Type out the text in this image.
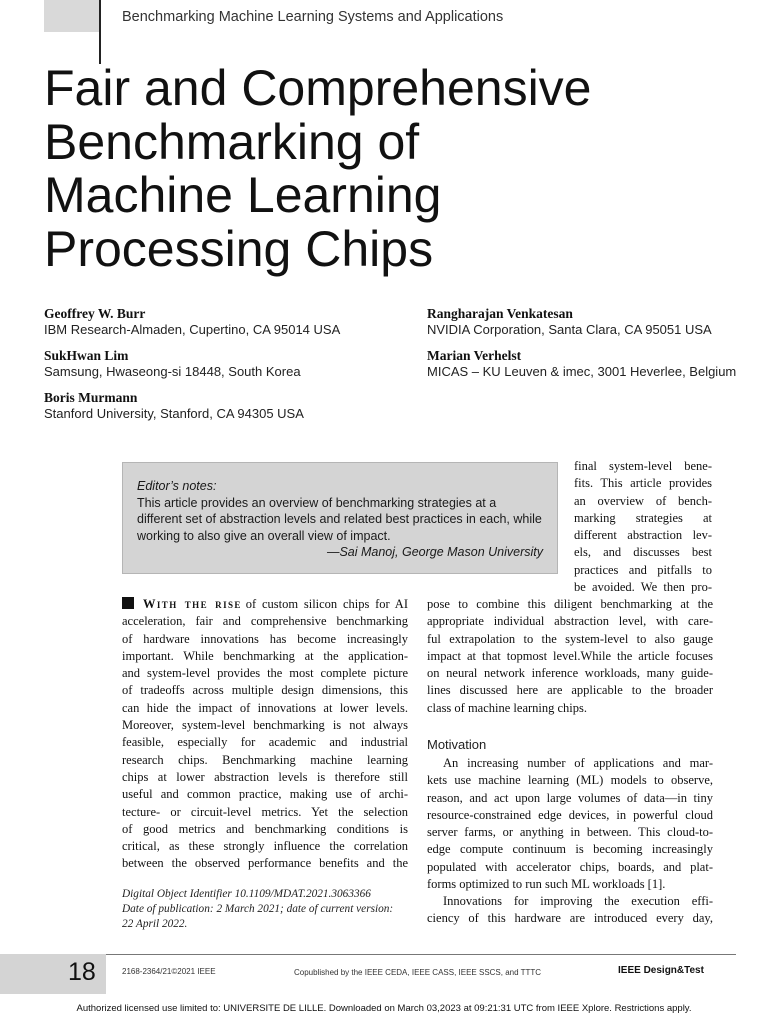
Benchmarking Machine Learning Systems and Applications
Fair and Comprehensive
Benchmarking of
Machine Learning
Processing Chips
Geoffrey W. Burr
IBM Research-Almaden, Cupertino, CA 95014 USA
SukHwan Lim
Samsung, Hwaseong-si 18448, South Korea
Boris Murmann
Stanford University, Stanford, CA 94305 USA
Rangharajan Venkatesan
NVIDIA Corporation, Santa Clara, CA 95051 USA
Marian Verhelst
MICAS – KU Leuven & imec, 3001 Heverlee, Belgium
Editor’s notes:
This article provides an overview of benchmarking strategies at a different set of abstraction levels and related best practices in each, while working to also give an overall view of impact.
—Sai Manoj, George Mason University
final system-level bene-
fits. This article provides
an overview of bench-
marking strategies at
different abstraction lev-
els, and discusses best
practices and pitfalls to
be avoided. We then pro-
With the rise of custom silicon chips for AI
acceleration, fair and comprehensive benchmarking
of hardware innovations has become increasingly
important. While benchmarking at the application-
and system-level provides the most complete picture
of tradeoffs across multiple design dimensions, this
can hide the impact of innovations at lower levels.
Moreover, system-level benchmarking is not always
feasible, especially for academic and industrial
research chips. Benchmarking machine learning
chips at lower abstraction levels is therefore still
useful and common practice, making use of archi-
tecture- or circuit-level metrics. Yet the selection
of good metrics and benchmarking conditions is
critical, as these strongly influence the correlation
between the observed performance benefits and the
pose to combine this diligent benchmarking at the
appropriate individual abstraction level, with care-
ful extrapolation to the system-level to also gauge
impact at that topmost level.While the article focuses
on neural network inference workloads, many guide-
lines discussed here are applicable to the broader
class of machine learning chips.
Motivation
An increasing number of applications and mar-
kets use machine learning (ML) models to observe,
reason, and act upon large volumes of data—in tiny
resource-constrained edge devices, in powerful cloud
server farms, or anything in between. This cloud-to-
edge compute continuum is becoming increasingly
populated with accelerator chips, boards, and plat-
forms optimized to run such ML workloads [1].
Innovations for improving the execution effi-
ciency of this hardware are introduced every day,
Digital Object Identifier 10.1109/MDAT.2021.3063366
Date of publication: 2 March 2021; date of current version:
22 April 2022.
18	2168-2364/21©2021 IEEE	Copublished by the IEEE CEDA, IEEE CASS, IEEE SSCS, and TTTC	IEEE Design&Test
Authorized licensed use limited to: UNIVERSITE DE LILLE. Downloaded on March 03,2023 at 09:21:31 UTC from IEEE Xplore. Restrictions apply.
